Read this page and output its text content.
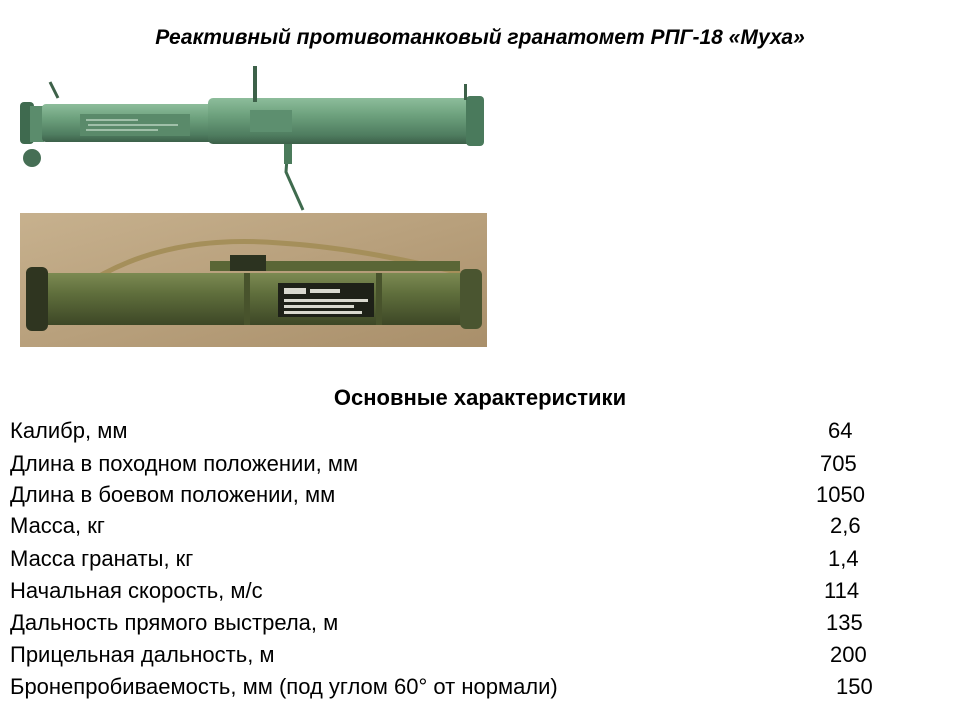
Реактивный противотанковый гранатомет РПГ-18 «Муха»
Основные характеристики
Калибр, мм	64
Длина в походном положении, мм	705
Длина в боевом положении, мм	1050
Масса, кг	2,6
Масса гранаты, кг	1,4
Начальная скорость, м/с	114
Дальность прямого выстрела, м	135
Прицельная дальность, м	200
Бронепробиваемость, мм (под углом 60° от нормали)	150
